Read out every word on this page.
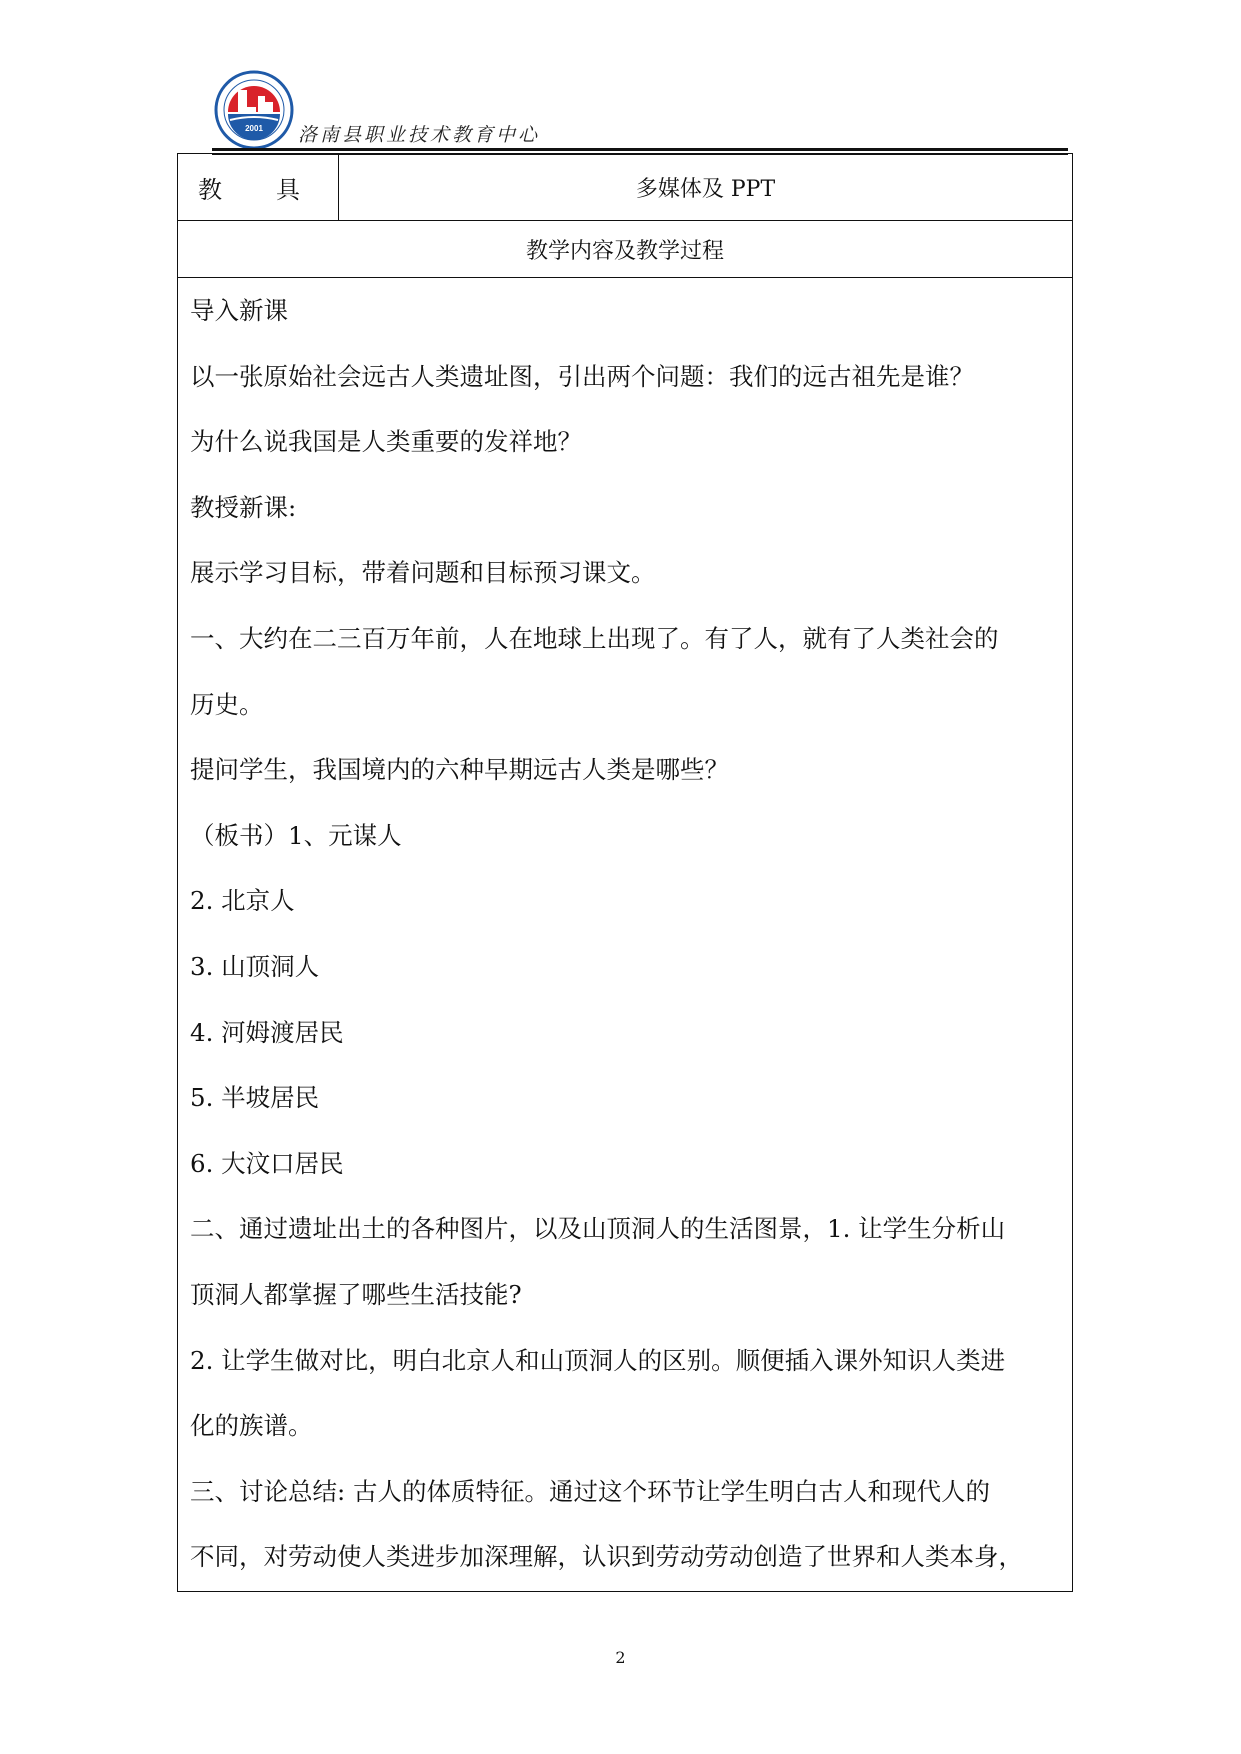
2001 洛南县职业技术教育中心
教 具	多媒体及 PPT
教学内容及教学过程

导入新课

以一张原始社会远古人类遗址图，引出两个问题：我们的远古祖先是谁？

为什么说我国是人类重要的发祥地？

教授新课:

展示学习目标，带着问题和目标预习课文。

一、大约在二三百万年前，人在地球上出现了。有了人，就有了人类社会的

历史。

提问学生，我国境内的六种早期远古人类是哪些？

（板书）1、元谋人

2. 北京人

3. 山顶洞人

4. 河姆渡居民

5. 半坡居民

6. 大汶口居民

二、通过遗址出土的各种图片，以及山顶洞人的生活图景，1. 让学生分析山

顶洞人都掌握了哪些生活技能?

2. 让学生做对比，明白北京人和山顶洞人的区别。顺便插入课外知识人类进

化的族谱。

三、讨论总结: 古人的体质特征。通过这个环节让学生明白古人和现代人的

不同，对劳动使人类进步加深理解，认识到劳动劳动创造了世界和人类本身，

2
